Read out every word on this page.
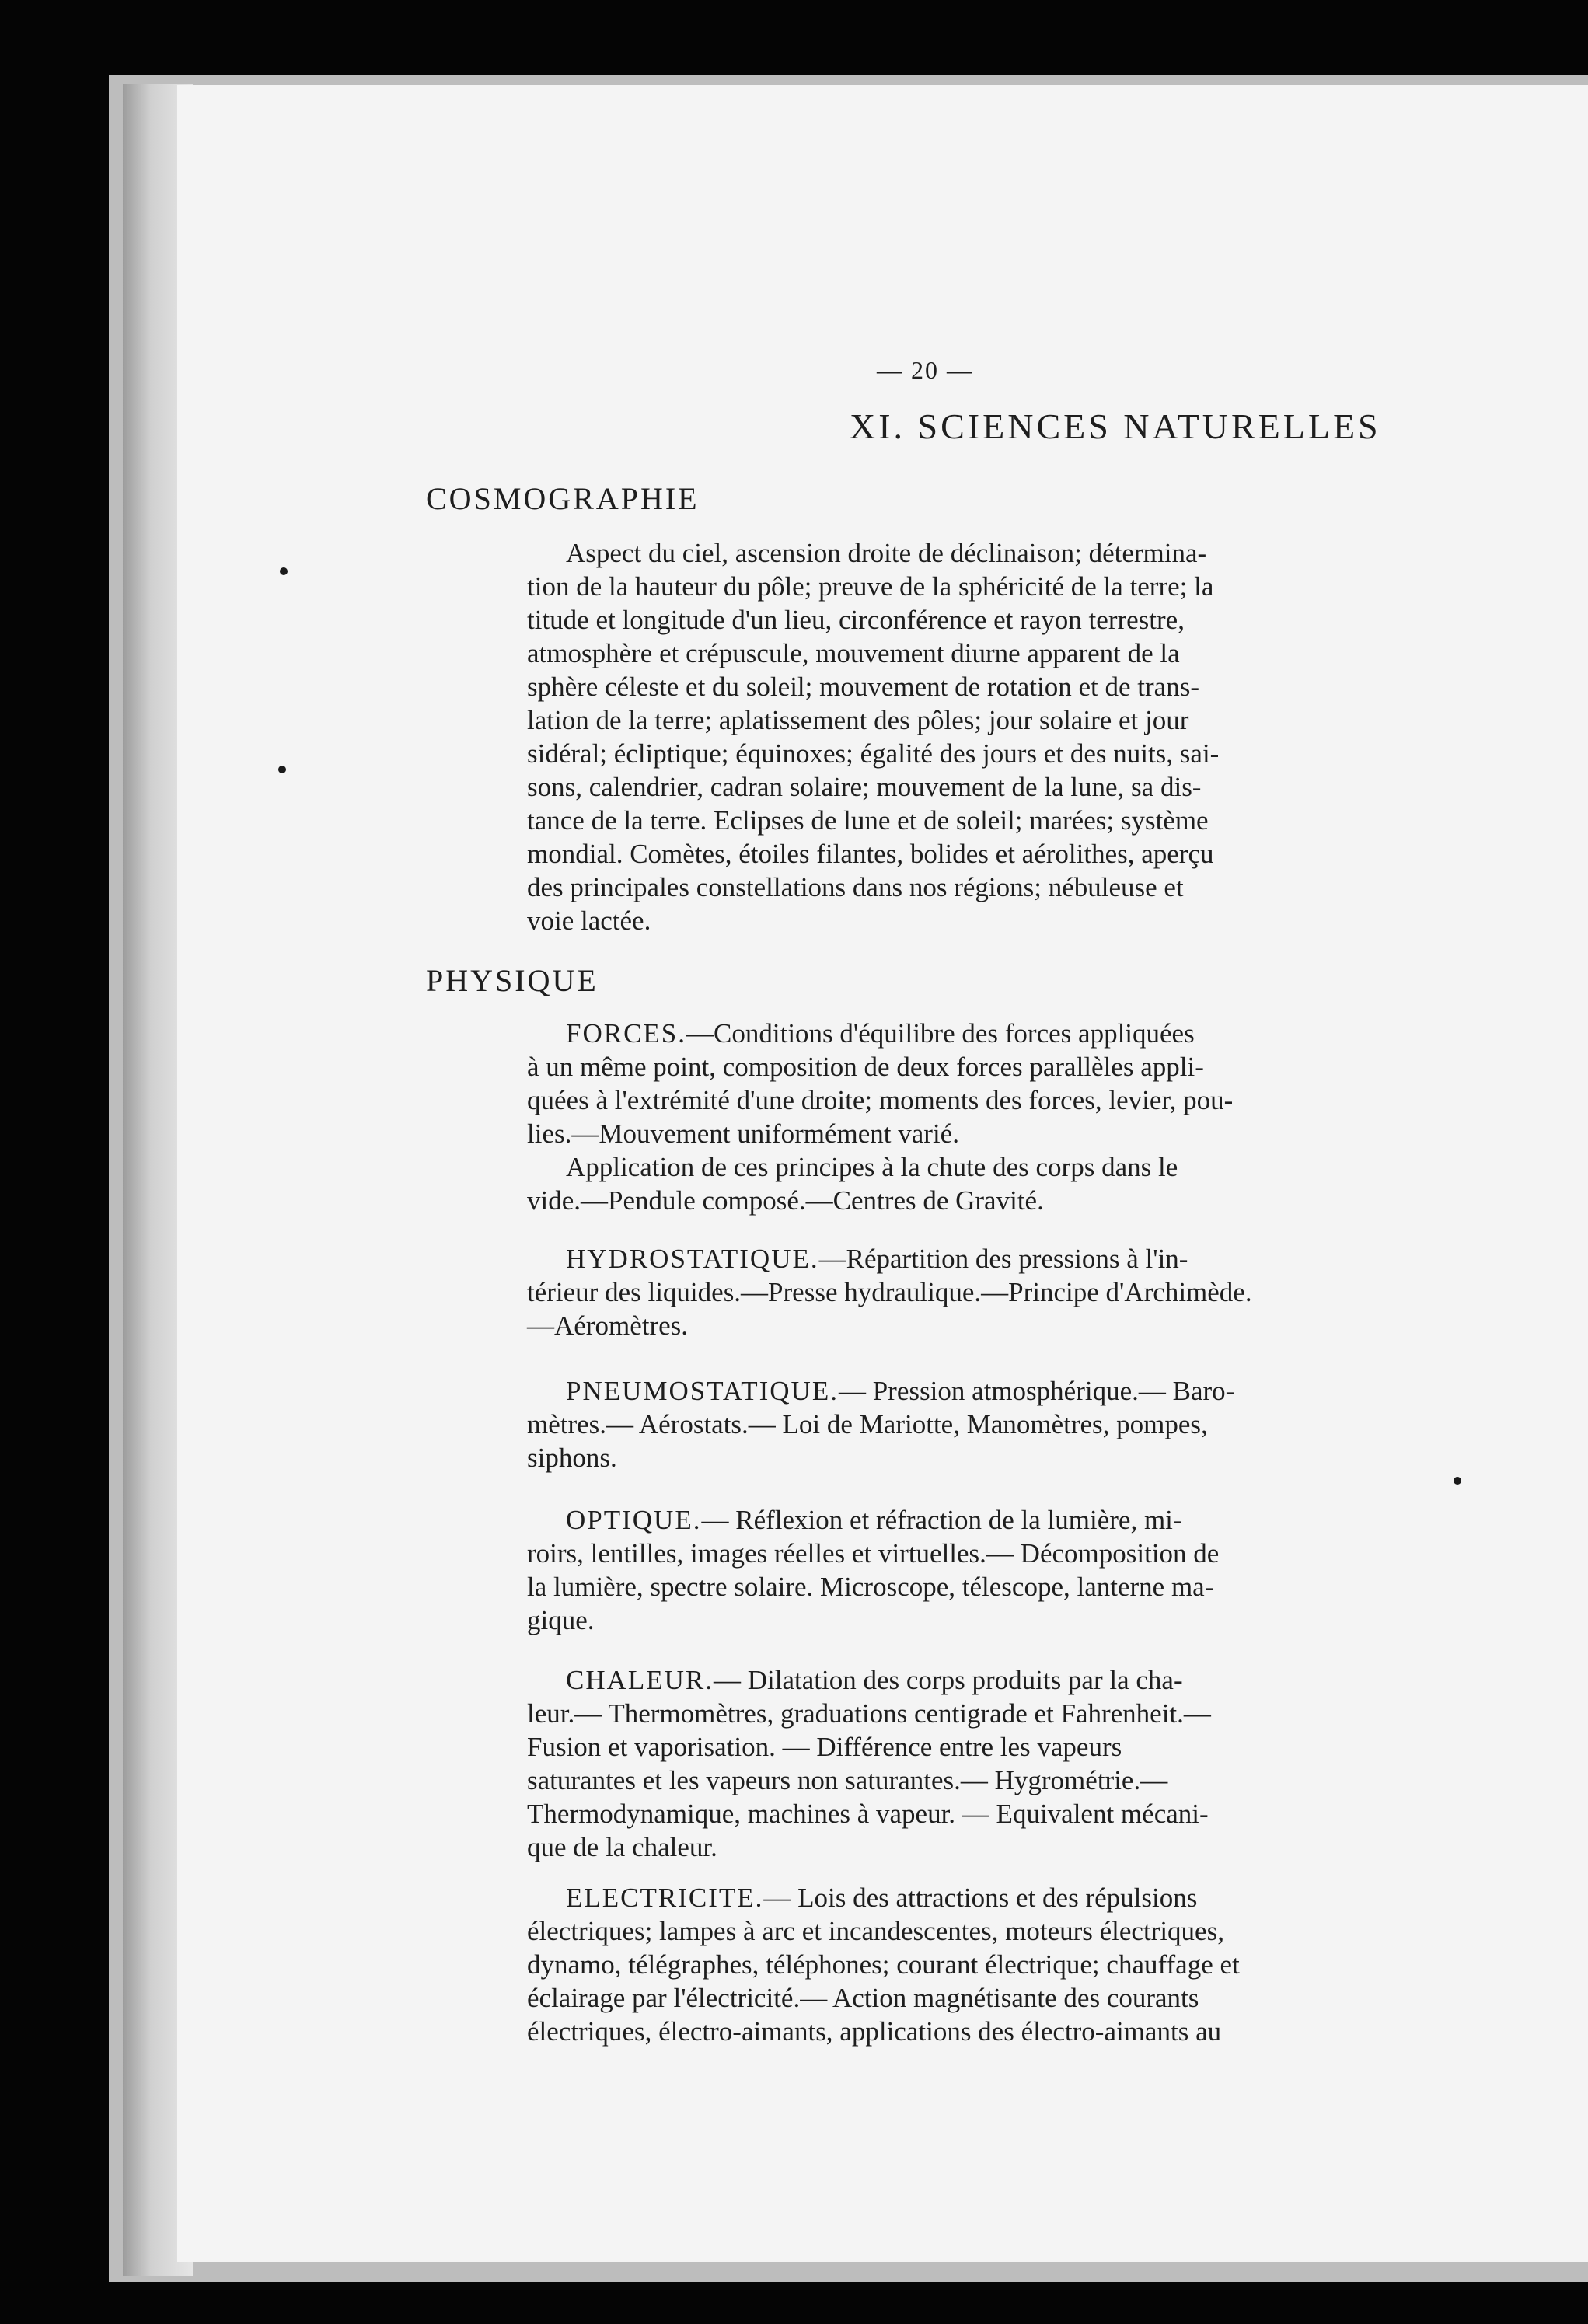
— 20 —
XI. SCIENCES NATURELLES
COSMOGRAPHIE

Aspect du ciel, ascension droite de déclinaison; détermina-

tion de la hauteur du pôle; preuve de la sphéricité de la terre; la

titude et longitude d'un lieu, circonférence et rayon terrestre,

atmosphère et crépuscule, mouvement diurne apparent de la

sphère céleste et du soleil; mouvement de rotation et de trans-

lation de la terre; aplatissement des pôles; jour solaire et jour

sidéral; écliptique; équinoxes; égalité des jours et des nuits, sai-

sons, calendrier, cadran solaire; mouvement de la lune, sa dis-

tance de la terre. Eclipses de lune et de soleil; marées; système

mondial. Comètes, étoiles filantes, bolides et aérolithes, aperçu

des principales constellations dans nos régions; nébuleuse et

voie lactée.

PHYSIQUE

FORCES.—Conditions d'équilibre des forces appliquées

à un même point, composition de deux forces parallèles appli-

quées à l'extrémité d'une droite; moments des forces, levier, pou-

lies.—Mouvement uniformément varié.

Application de ces principes à la chute des corps dans le

vide.—Pendule composé.—Centres de Gravité.

HYDROSTATIQUE.—Répartition des pressions à l'in-

térieur des liquides.—Presse hydraulique.—Principe d'Archimède.

—Aéromètres.

PNEUMOSTATIQUE.— Pression atmosphérique.— Baro-

mètres.— Aérostats.— Loi de Mariotte, Manomètres, pompes,

siphons.

OPTIQUE.— Réflexion et réfraction de la lumière, mi-

roirs, lentilles, images réelles et virtuelles.— Décomposition de

la lumière, spectre solaire. Microscope, télescope, lanterne ma-

gique.

CHALEUR.— Dilatation des corps produits par la cha-

leur.— Thermomètres, graduations centigrade et Fahrenheit.—

Fusion et vaporisation. — Différence entre les vapeurs

saturantes et les vapeurs non saturantes.— Hygrométrie.—

Thermodynamique, machines à vapeur. — Equivalent mécani-

que de la chaleur.

ELECTRICITE.— Lois des attractions et des répulsions

électriques; lampes à arc et incandescentes, moteurs électriques,

dynamo, télégraphes, téléphones; courant électrique; chauffage et

éclairage par l'électricité.— Action magnétisante des courants

électriques, électro-aimants, applications des électro-aimants au
